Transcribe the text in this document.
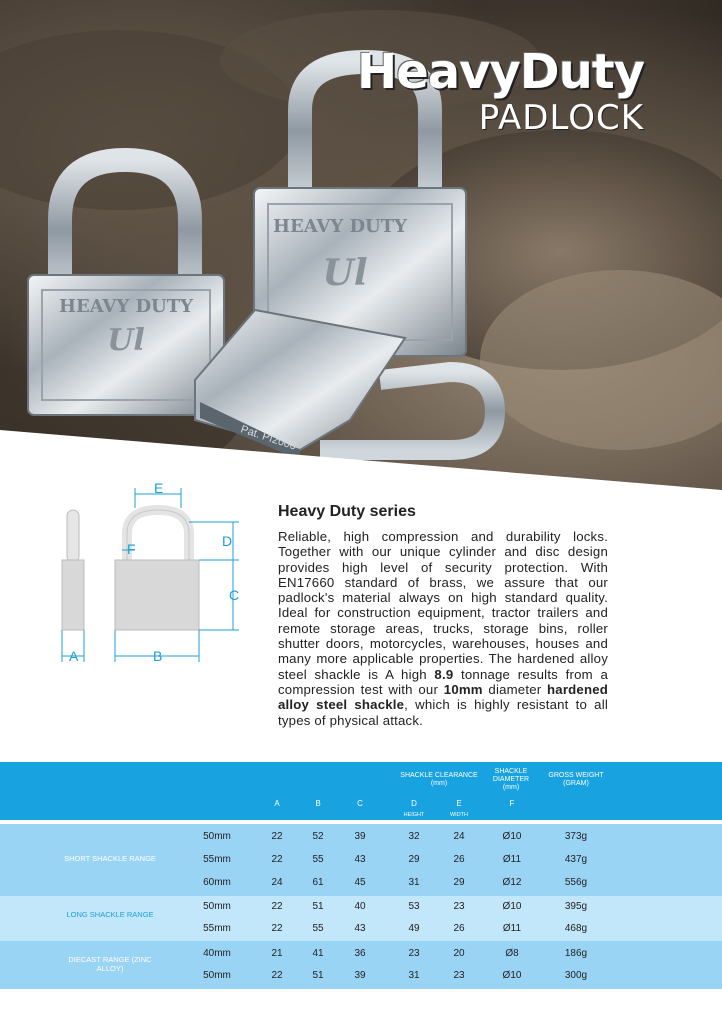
HEAVY DUTY
Ul
HEAVY DUTY
Ul
Pat. PI2006
HeavyDuty
PADLOCK
A
E
F	D
C
B
Heavy Duty series

Reliable, high compression and durability locks. Together with our unique cylinder and disc design provides high level of security protection. With EN17660 standard of brass, we assure that our padlock's material always on high standard quality. Ideal for construction equipment, tractor trailers and remote storage areas, trucks, storage bins, roller shutter doors, motorcycles, warehouses, houses and many more applicable properties. The hardened alloy steel shackle is A high 8.9 tonnage results from a compression test with our 10mm diameter hardened alloy steel shackle, which is highly resistant to all types of physical attack.

SHACKLE CLEARANCE
(mm)
SHACKLE DIAMETER
(mm)
GROSS WEIGHT
(GRAM)
A	B	C	D	E	F
HEIGHT	WIDTH
SHORT SHACKLE RANGE
50mm	22	52	39	32	24	Ø10	373g
55mm	22	55	43	29	26	Ø11	437g
60mm	24	61	45	31	29	Ø12	556g
LONG SHACKLE RANGE
50mm	22	51	40	53	23	Ø10	395g
55mm	22	55	43	49	26	Ø11	468g
DIECAST RANGE (ZINC ALLOY)
40mm	21	41	36	23	20	Ø8	186g
50mm	22	51	39	31	23	Ø10	300g
